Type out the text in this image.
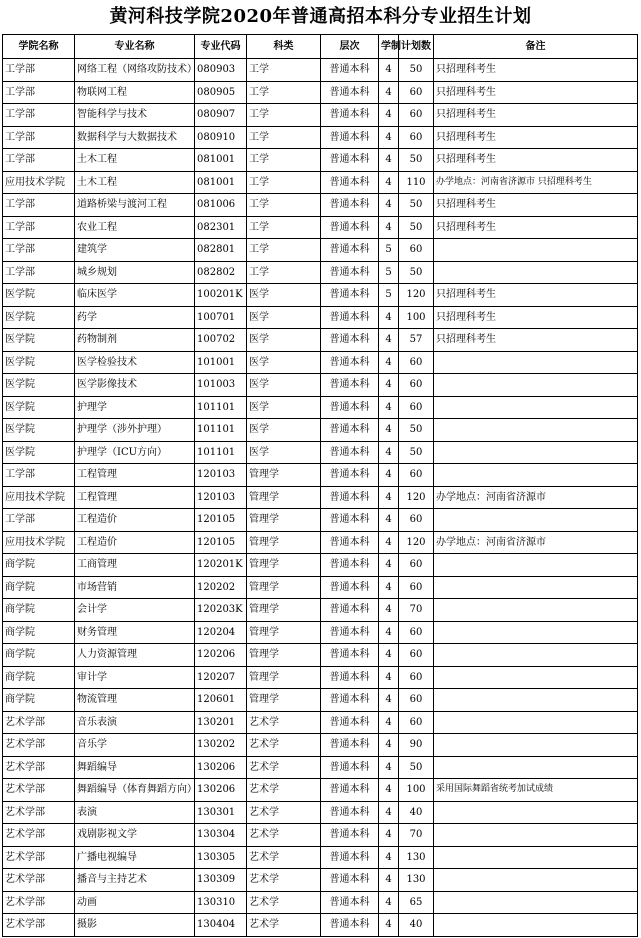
黄河科技学院2020年普通高招本科分专业招生计划
学院名称	专业名称	专业代码	科类	层次	学制	计划数	备注
工学部	网络工程（网络攻防技术）	080903	工学	普通本科	4	50	只招理科考生
工学部	物联网工程	080905	工学	普通本科	4	60	只招理科考生
工学部	智能科学与技术	080907	工学	普通本科	4	60	只招理科考生
工学部	数据科学与大数据技术	080910	工学	普通本科	4	60	只招理科考生
工学部	土木工程	081001	工学	普通本科	4	50	只招理科考生
应用技术学院	土木工程	081001	工学	普通本科	4	110	办学地点：河南省济源市 只招理科考生
工学部	道路桥梁与渡河工程	081006	工学	普通本科	4	50	只招理科考生
工学部	农业工程	082301	工学	普通本科	4	50	只招理科考生
工学部	建筑学	082801	工学	普通本科	5	60	
工学部	城乡规划	082802	工学	普通本科	5	50	
医学院	临床医学	100201K	医学	普通本科	5	120	只招理科考生
医学院	药学	100701	医学	普通本科	4	100	只招理科考生
医学院	药物制剂	100702	医学	普通本科	4	57	只招理科考生
医学院	医学检验技术	101001	医学	普通本科	4	60	
医学院	医学影像技术	101003	医学	普通本科	4	60	
医学院	护理学	101101	医学	普通本科	4	60	
医学院	护理学（涉外护理）	101101	医学	普通本科	4	50	
医学院	护理学（ICU方向）	101101	医学	普通本科	4	50	
工学部	工程管理	120103	管理学	普通本科	4	60	
应用技术学院	工程管理	120103	管理学	普通本科	4	120	办学地点：河南省济源市
工学部	工程造价	120105	管理学	普通本科	4	60	
应用技术学院	工程造价	120105	管理学	普通本科	4	120	办学地点：河南省济源市
商学院	工商管理	120201K	管理学	普通本科	4	60	
商学院	市场营销	120202	管理学	普通本科	4	60	
商学院	会计学	120203K	管理学	普通本科	4	70	
商学院	财务管理	120204	管理学	普通本科	4	60	
商学院	人力资源管理	120206	管理学	普通本科	4	60	
商学院	审计学	120207	管理学	普通本科	4	60	
商学院	物流管理	120601	管理学	普通本科	4	60	
艺术学部	音乐表演	130201	艺术学	普通本科	4	60	
艺术学部	音乐学	130202	艺术学	普通本科	4	90	
艺术学部	舞蹈编导	130206	艺术学	普通本科	4	50	
艺术学部	舞蹈编导（体育舞蹈方向）	130206	艺术学	普通本科	4	100	采用国际舞蹈省统考加试成绩
艺术学部	表演	130301	艺术学	普通本科	4	40	
艺术学部	戏剧影视文学	130304	艺术学	普通本科	4	70	
艺术学部	广播电视编导	130305	艺术学	普通本科	4	130	
艺术学部	播音与主持艺术	130309	艺术学	普通本科	4	130	
艺术学部	动画	130310	艺术学	普通本科	4	65	
艺术学部	摄影	130404	艺术学	普通本科	4	40	
